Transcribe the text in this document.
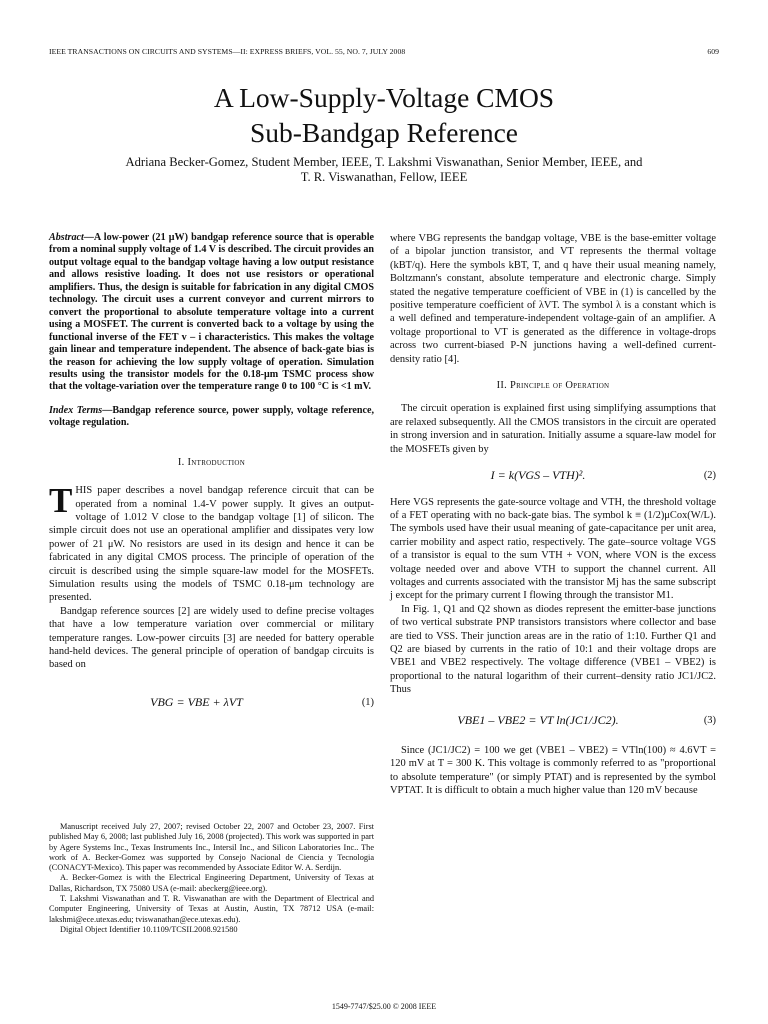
IEEE TRANSACTIONS ON CIRCUITS AND SYSTEMS—II: EXPRESS BRIEFS, VOL. 55, NO. 7, JULY 2008	609
A Low-Supply-Voltage CMOS
Sub-Bandgap Reference
Adriana Becker-Gomez, Student Member, IEEE, T. Lakshmi Viswanathan, Senior Member, IEEE, and
T. R. Viswanathan, Fellow, IEEE

Abstract—A low-power (21 μW) bandgap reference source that is operable from a nominal supply voltage of 1.4 V is described. The circuit provides an output voltage equal to the bandgap voltage having a low output resistance and allows resistive loading. It does not use resistors or operational amplifiers. Thus, the design is suitable for fabrication in any digital CMOS technology. The circuit uses a current conveyor and current mirrors to convert the proportional to absolute temperature voltage into a current using a MOSFET. The current is converted back to a voltage by using the functional inverse of the FET v – i characteristics. This makes the voltage gain linear and temperature independent. The absence of back-gate bias is the reason for achieving the low supply voltage of operation. Simulation results using the transistor models for the 0.18-μm TSMC process show that the voltage-variation over the temperature range 0 to 100 °C is <1 mV.

Index Terms—Bandgap reference source, power supply, voltage reference, voltage regulation.

I. Introduction
T HIS paper describes a novel bandgap reference circuit that can be operated from a nominal 1.4-V power supply. It gives an output-voltage of 1.012 V close to the bandgap voltage [1] of silicon. The simple circuit does not use an operational amplifier and dissipates very low power of 21 μW. No resistors are used in its design and hence it can be fabricated in any digital CMOS process. The principle of operation of the circuit is described using the simple square-law model for the MOSFETs. Simulation results using the models of TSMC 0.18-μm technology are presented.

Bandgap reference sources [2] are widely used to define precise voltages that have a low temperature variation over commercial or military temperature ranges. Low-power circuits [3] are needed for battery operable hand-held devices. The general principle of operation of bandgap circuits is based on

VBG = VBE + λVT	(1)

Manuscript received July 27, 2007; revised October 22, 2007 and October 23, 2007. First published May 6, 2008; last published July 16, 2008 (projected). This work was supported in part by Agere Systems Inc., Texas Instruments Inc., Intersil Inc., and Silicon Laboratories Inc.. The work of A. Becker-Gomez was supported by Consejo Nacional de Ciencia y Tecnologia (CONACYT-Mexico). This paper was recommended by Associate Editor W. A. Serdijn.

A. Becker-Gomez is with the Electrical Engineering Department, University of Texas at Dallas, Richardson, TX 75080 USA (e-mail: abeckerg@ieee.org).

T. Lakshmi Viswanathan and T. R. Viswanathan are with the Department of Electrical and Computer Engineering, University of Texas at Austin, Austin, TX 78712 USA (e-mail: lakshmi@ece.utexas.edu; tviswanathan@ece.utexas.edu).

Digital Object Identifier 10.1109/TCSII.2008.921580

where VBG represents the bandgap voltage, VBE is the base-emitter voltage of a bipolar junction transistor, and VT represents the thermal voltage (kBT/q). Here the symbols kBT, T, and q have their usual meaning namely, Boltzmann's constant, absolute temperature and electronic charge. Simply stated the negative temperature coefficient of VBE in (1) is cancelled by the positive temperature coefficient of λVT. The symbol λ is a constant which is a well defined and temperature-independent voltage-gain of an amplifier. A voltage proportional to VT is generated as the difference in voltage-drops across two current-biased P-N junctions having a well-defined current-density ratio [4].

II. Principle of Operation

The circuit operation is explained first using simplifying assumptions that are relaxed subsequently. All the CMOS transistors in the circuit are operated in strong inversion and in saturation. Initially assume a square-law model for the MOSFETs given by

I = k(VGS – VTH)².	(2)

Here VGS represents the gate-source voltage and VTH, the threshold voltage of a FET operating with no back-gate bias. The symbol k ≡ (1/2)μCox(W/L). The symbols used have their usual meaning of gate-capacitance per unit area, carrier mobility and aspect ratio, respectively. The gate–source voltage VGS of a transistor is equal to the sum VTH + VON, where VON is the excess voltage needed over and above VTH to support the channel current. All voltages and currents associated with the transistor Mj has the same subscript j except for the primary current I flowing through the transistor M1.

In Fig. 1, Q1 and Q2 shown as diodes represent the emitter-base junctions of two vertical substrate PNP transistors transistors where collector and base are tied to VSS. Their junction areas are in the ratio of 1:10. Further Q1 and Q2 are biased by currents in the ratio of 10:1 and their voltage drops are VBE1 and VBE2 respectively. The voltage difference (VBE1 – VBE2) is proportional to the natural logarithm of their current–density ratio JC1/JC2. Thus

VBE1 – VBE2 = VT ln(JC1/JC2).	(3)

Since (JC1/JC2) = 100 we get (VBE1 – VBE2) = VTln(100) ≈ 4.6VT = 120 mV at T = 300 K. This voltage is commonly referred to as "proportional to absolute temperature" (or simply PTAT) and is represented by the symbol VPTAT. It is difficult to obtain a much higher value than 120 mV because

1549-7747/$25.00 © 2008 IEEE
